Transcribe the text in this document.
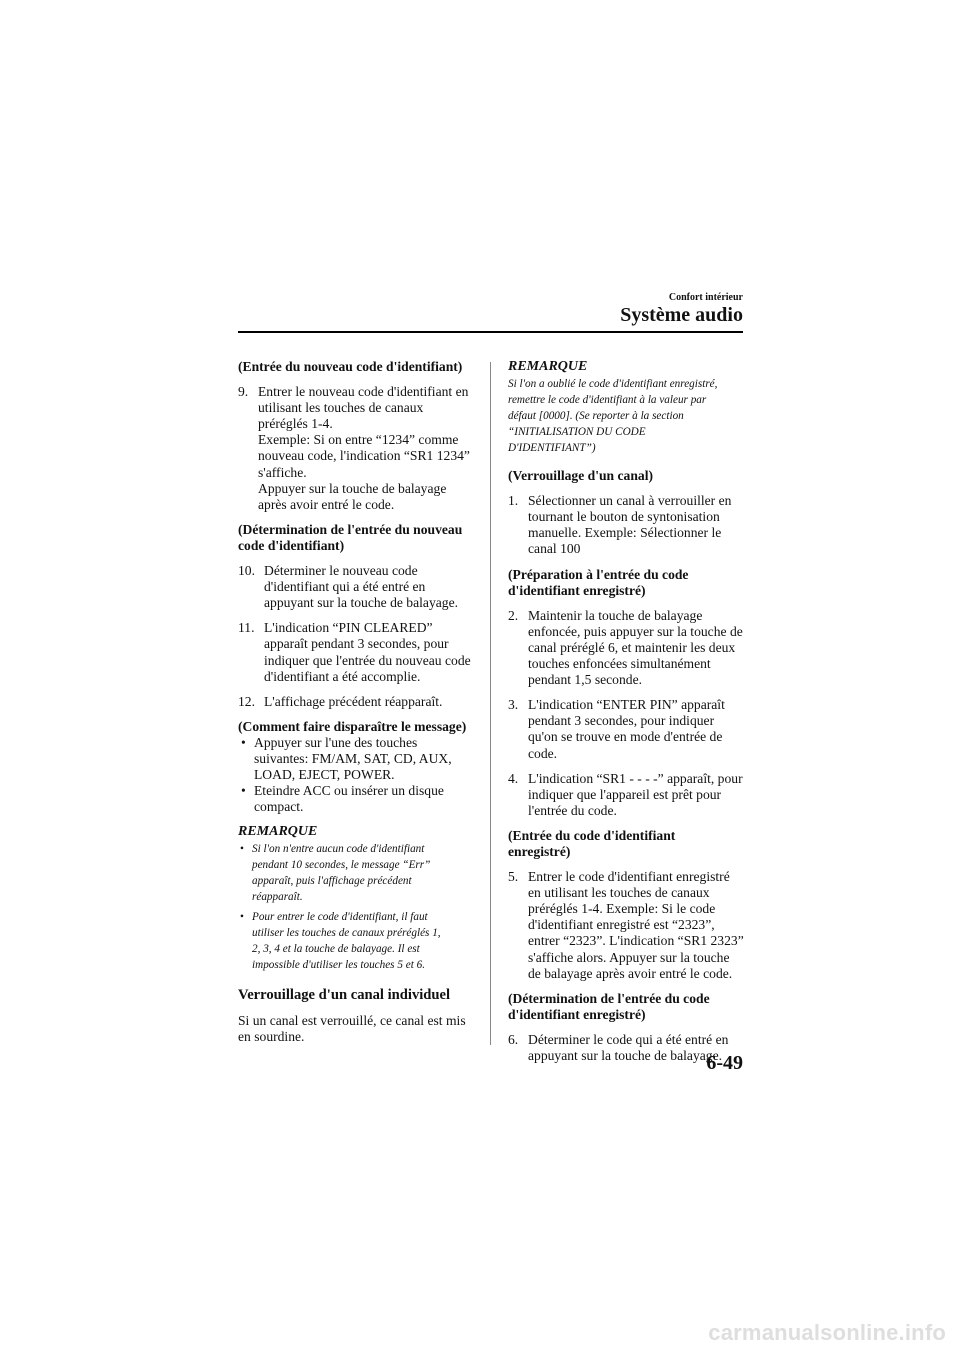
Confort intérieur
Système audio
(Entrée du nouveau code d'identifiant)
9. Entrer le nouveau code d'identifiant en
utilisant les touches de canaux
préréglés 1-4.
Exemple: Si on entre “1234” comme
nouveau code, l'indication “SR1 1234”
s'affiche.
Appuyer sur la touche de balayage
après avoir entré le code.
(Détermination de l'entrée du nouveau
code d'identifiant)
10. Déterminer le nouveau code
d'identifiant qui a été entré en
appuyant sur la touche de balayage.
11. L'indication “PIN CLEARED”
apparaît pendant 3 secondes, pour
indiquer que l'entrée du nouveau code
d'identifiant a été accomplie.
12. L'affichage précédent réapparaît.
(Comment faire disparaître le message)
• Appuyer sur l'une des touches
suivantes: FM/AM, SAT, CD, AUX,
LOAD, EJECT, POWER.
• Eteindre ACC ou insérer un disque
compact.
REMARQUE
• Si l'on n'entre aucun code d'identifiant
pendant 10 secondes, le message “Err”
apparaît, puis l'affichage précédent
réapparaît.
• Pour entrer le code d'identifiant, il faut
utiliser les touches de canaux préréglés 1,
2, 3, 4 et la touche de balayage. Il est
impossible d'utiliser les touches 5 et 6.
Verrouillage d'un canal individuel
Si un canal est verrouillé, ce canal est mis
en sourdine.
REMARQUE
Si l'on a oublié le code d'identifiant enregistré,
remettre le code d'identifiant à la valeur par
défaut [0000]. (Se reporter à la section
“INITIALISATION DU CODE
D'IDENTIFIANT”)
(Verrouillage d'un canal)
1. Sélectionner un canal à verrouiller en
tournant le bouton de syntonisation
manuelle. Exemple: Sélectionner le
canal 100
(Préparation à l'entrée du code
d'identifiant enregistré)
2. Maintenir la touche de balayage
enfoncée, puis appuyer sur la touche de
canal préréglé 6, et maintenir les deux
touches enfoncées simultanément
pendant 1,5 seconde.
3. L'indication “ENTER PIN” apparaît
pendant 3 secondes, pour indiquer
qu'on se trouve en mode d'entrée de
code.
4. L'indication “SR1 - - - -” apparaît, pour
indiquer que l'appareil est prêt pour
l'entrée du code.
(Entrée du code d'identifiant
enregistré)
5. Entrer le code d'identifiant enregistré
en utilisant les touches de canaux
préréglés 1-4. Exemple: Si le code
d'identifiant enregistré est “2323”,
entrer “2323”. L'indication “SR1 2323”
s'affiche alors. Appuyer sur la touche
de balayage après avoir entré le code.
(Détermination de l'entrée du code
d'identifiant enregistré)
6. Déterminer le code qui a été entré en
appuyant sur la touche de balayage.
6-49
carmanualsonline.info
